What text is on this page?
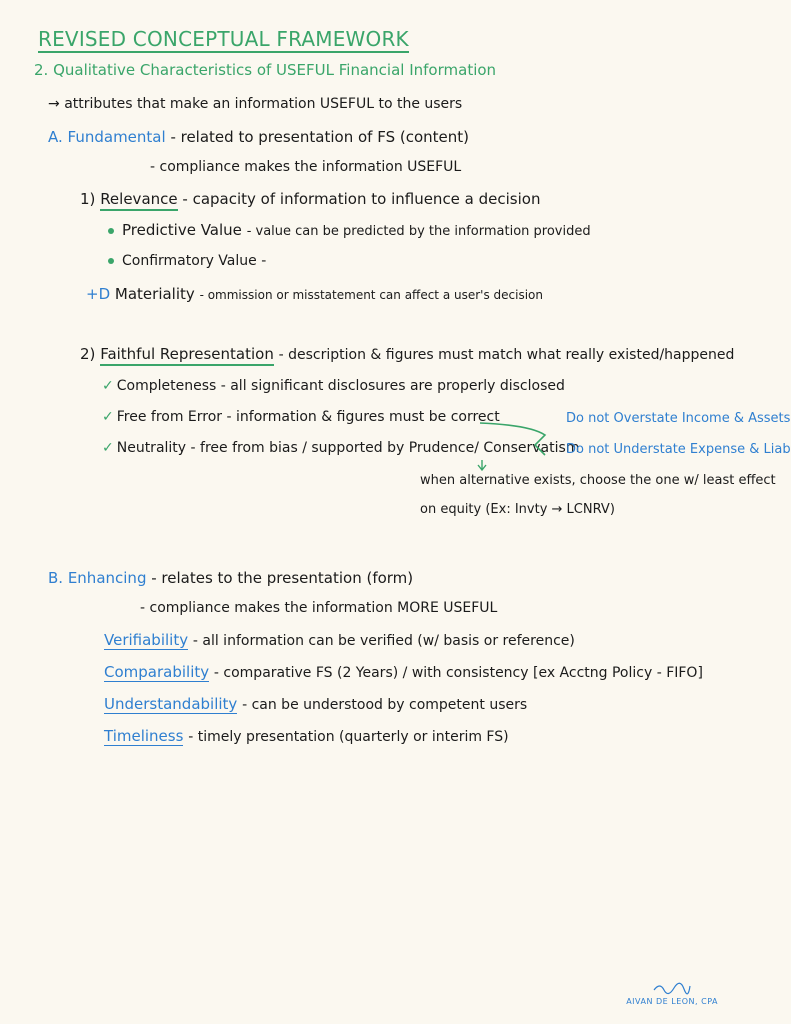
REVISED CONCEPTUAL FRAMEWORK
2. Qualitative Characteristics of USEFUL Financial Information
→ attributes that make an information USEFUL to the users
A. Fundamental - related to presentation of FS (content)
- compliance makes the information USEFUL
1) Relevance - capacity of information to influence a decision
Predictive Value - value can be predicted by the information provided
Confirmatory Value -
+D Materiality - ommission or misstatement can affect a user's decision
2) Faithful Representation - description & figures must match what really existed/happened
✓ Completeness - all significant disclosures are properly disclosed
✓ Free from Error - information & figures must be correct
✓ Neutrality - free from bias / supported by Prudence/ Conservatism
Do not Overstate Income & Assets
Do not Understate Expense & Liab
when alternative exists, choose the one w/ least effect
on equity (Ex: Invty → LCNRV)
B. Enhancing - relates to the presentation (form)
- compliance makes the information MORE USEFUL
Verifiability - all information can be verified (w/ basis or reference)
Comparability - comparative FS (2 Years) / with consistency [ex Acctng Policy - FIFO]
Understandability - can be understood by competent users
Timeliness - timely presentation (quarterly or interim FS)
AIVAN DE LEON, CPA
